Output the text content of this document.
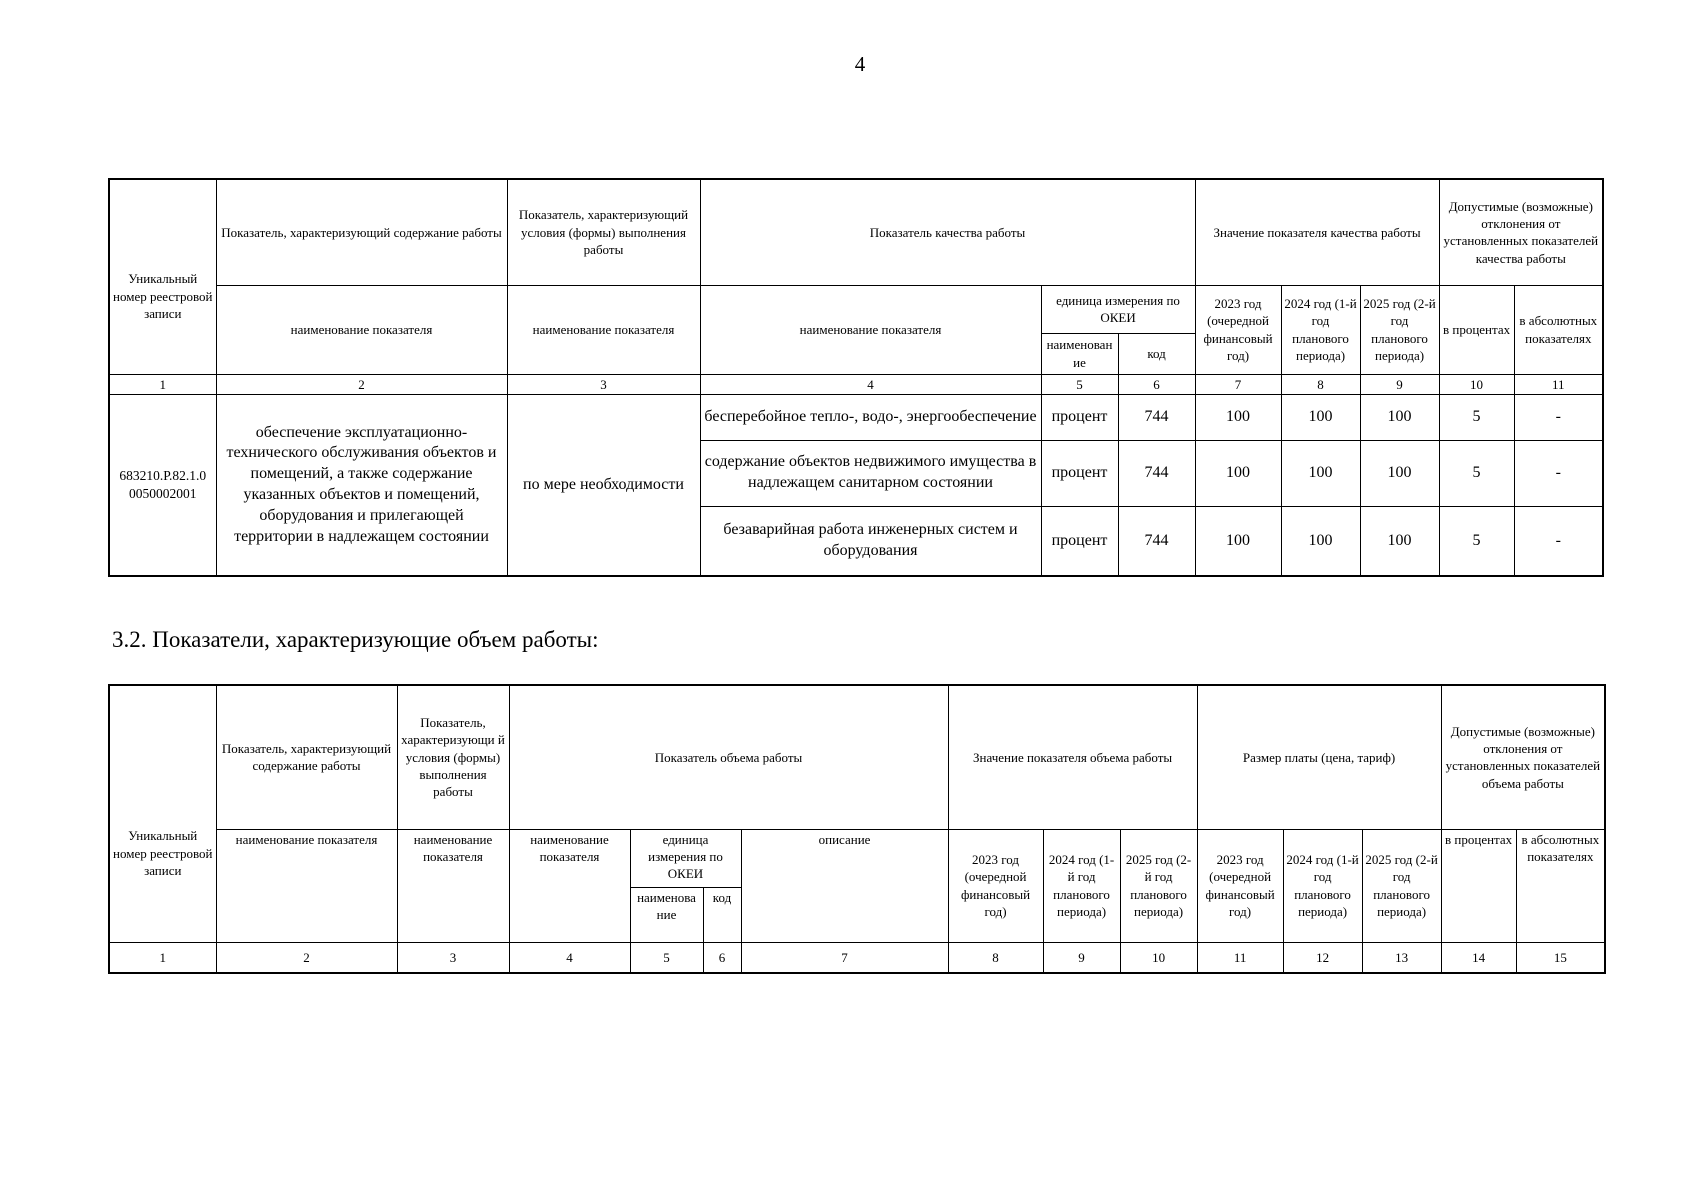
4
Уникальный номер реестровой записи	Показатель, характеризующий содержание работы	Показатель, характеризующий условия (формы) выполнения работы	Показатель качества работы			Значение показателя качества работы			Допустимые (возможные) отклонения от установленных показателей качества работы	
	наименование показателя	наименование показателя	наименование показателя	единица измерения по ОКЕИ		2023 год (очередной финансовый год)	2024 год (1-й год планового периода)	2025 год (2-й год планового периода)	в процентах	в абсолютных показателях
				наименован ие	код					
1	2	3	4	5	6	7	8	9	10	11
683210.Р.82.1.0 0050002001	обеспечение эксплуатационно-технического обслуживания объектов и помещений, а также содержание указанных объектов и помещений, оборудования и прилегающей территории в надлежащем состоянии	по мере необходимости	бесперебойное тепло-, водо-, энергообеспечение	процент	744	100	100	100	5	-
			содержание объектов недвижимого имущества в надлежащем санитарном состоянии	процент	744	100	100	100	5	-
			безаварийная работа инженерных систем и оборудования	процент	744	100	100	100	5	-
3.2. Показатели, характеризующие объем работы:
Уникальный номер реестровой записи	Показатель, характеризующий содержание работы	Показатель, характеризующи й условия (формы) выполнения работы	Показатель объема работы				Значение показателя объема работы			Размер платы (цена, тариф)			Допустимые (возможные) отклонения от установленных показателей объема работы	
	наименование показателя	наименование показателя	наименование показателя	единица измерения по ОКЕИ		описание	2023 год (очередной финансовый год)	2024 год (1-й год планового периода)	2025 год (2-й год планового периода)	2023 год (очередной финансовый год)	2024 год (1-й год планового периода)	2025 год (2-й год планового периода)	в процентах	в абсолютных показателях
				наименова ние	код									
1	2	3	4	5	6	7	8	9	10	11	12	13	14	15
